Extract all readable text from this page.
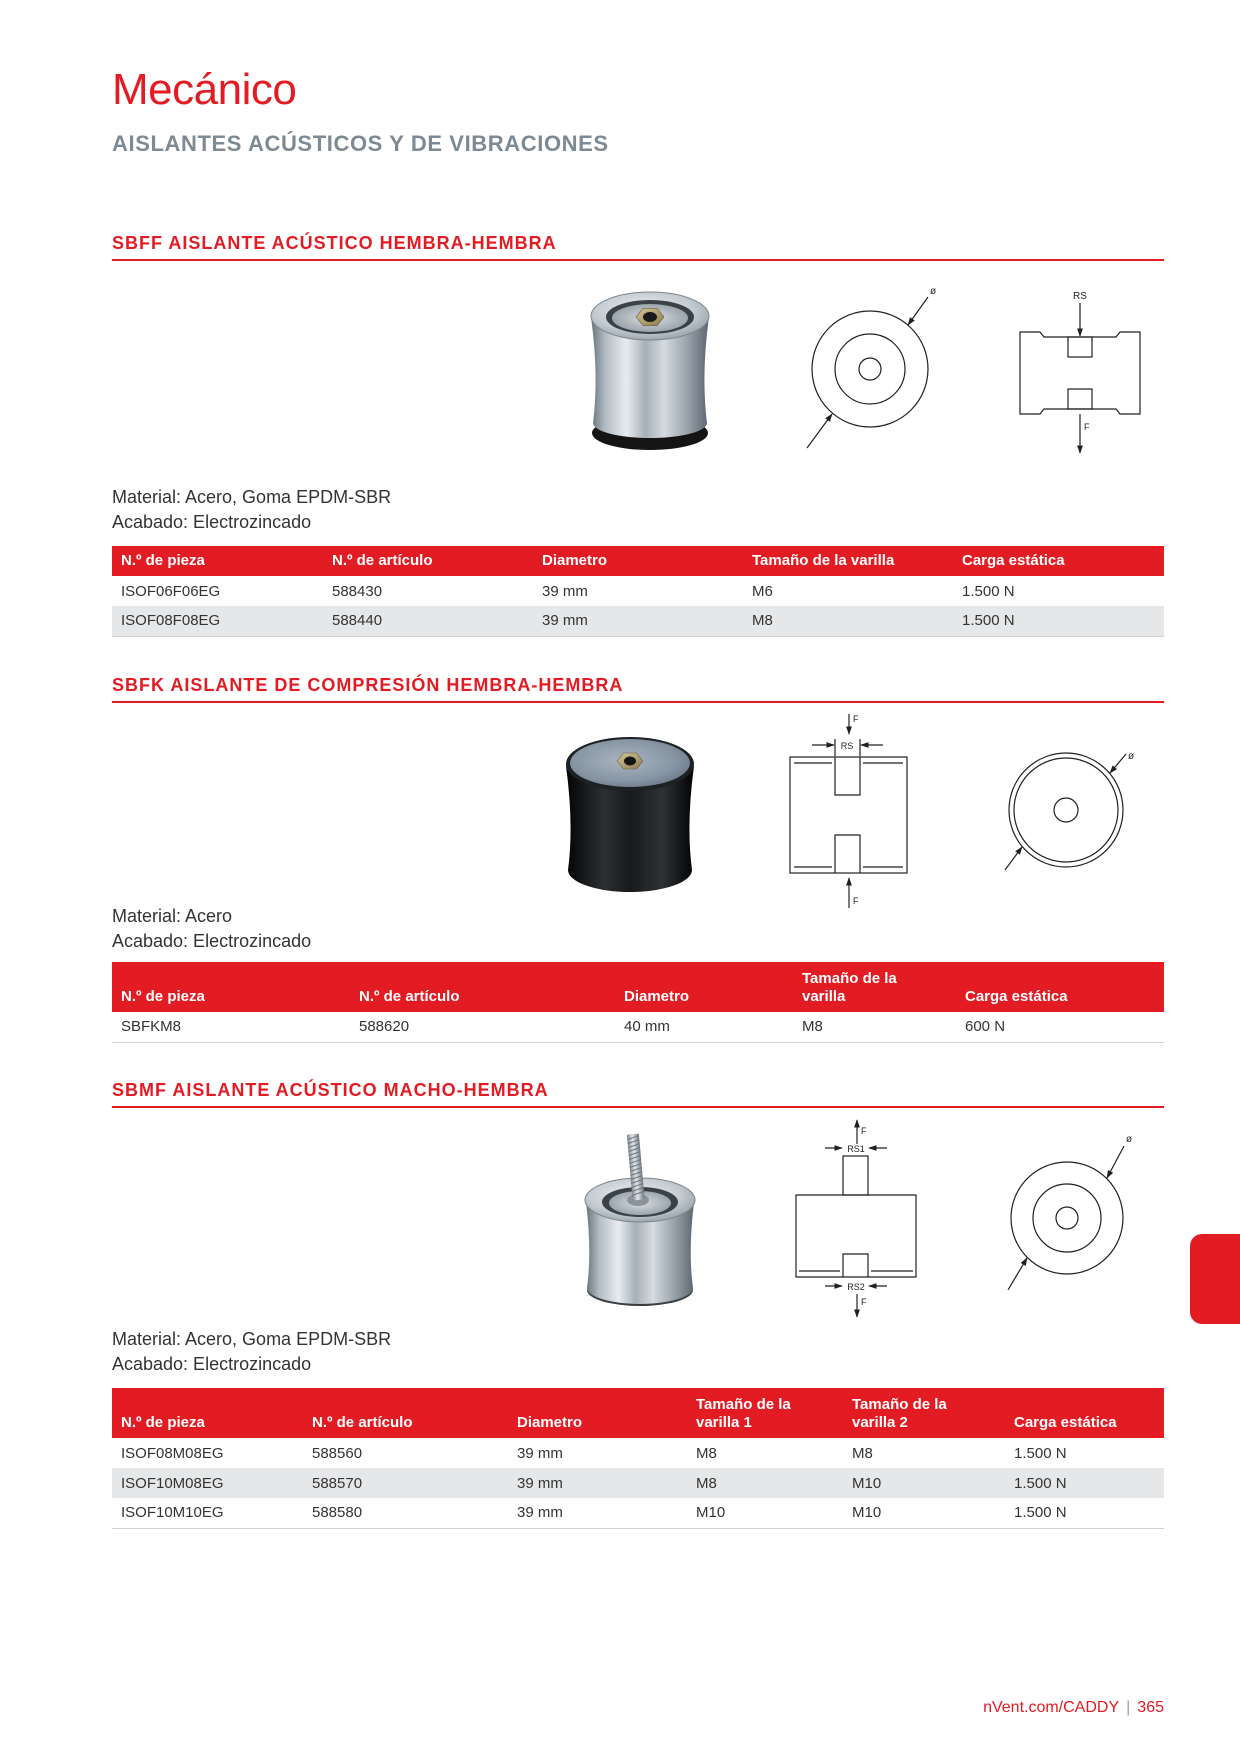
Mecánico
AISLANTES ACÚSTICOS Y DE VIBRACIONES
SBFF AISLANTE ACÚSTICO HEMBRA-HEMBRA
ø	RS
F
Material: Acero, Goma EPDM-SBR
Acabado: Electrozincado
N.º de pieza	N.º de artículo	Diametro	Tamaño de la varilla	Carga estática
ISOF06F06EG	588430	39 mm	M6	1.500 N
ISOF08F08EG	588440	39 mm	M8	1.500 N
SBFK AISLANTE DE COMPRESIÓN HEMBRA-HEMBRA
F
RS
F
ø
Material: Acero
Acabado: Electrozincado
N.º de pieza	N.º de artículo	Diametro	Tamaño de la varilla	Carga estática
SBFKM8	588620	40 mm	M8	600 N
SBMF AISLANTE ACÚSTICO MACHO-HEMBRA
F
RS1
RS2
F
ø
Material: Acero, Goma EPDM-SBR
Acabado: Electrozincado
N.º de pieza	N.º de artículo	Diametro	Tamaño de la varilla 1	Tamaño de la varilla 2	Carga estática
ISOF08M08EG	588560	39 mm	M8	M8	1.500 N
ISOF10M08EG	588570	39 mm	M8	M10	1.500 N
ISOF10M10EG	588580	39 mm	M10	M10	1.500 N
nVent.com/CADDY | 365
